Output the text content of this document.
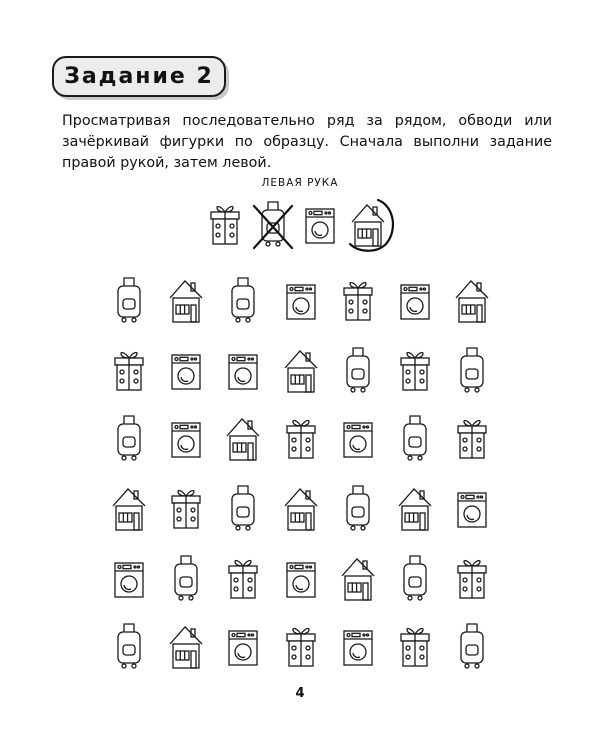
Задание 2

Просматривая последовательно ряд за рядом, обводи или зачёркивай фигурки по образцу. Сначала выполни задание правой рукой, затем левой.

ЛЕВАЯ РУКА
4
